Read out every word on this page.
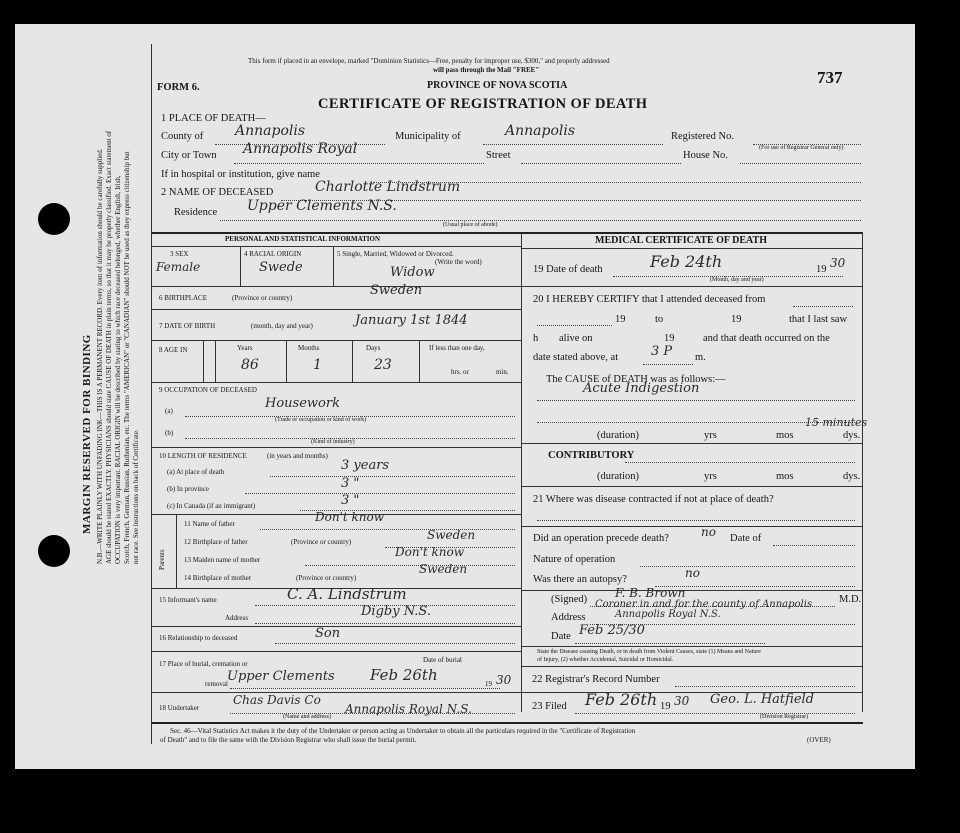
MARGIN RESERVED FOR BINDING N.B.—WRITE PLAINLY WITH UNFADING INK—THIS IS A PERMANENT RECORD. Every item of information should be carefully supplied. AGE should be stated EXACTLY. PHYSICIANS should state CAUSE OF DEATH in plain terms, so that it may be properly classified. Exact statement of OCCUPATION is very important. RACIAL ORIGIN will be described by stating to which race deceased belonged, whether English, Irish, Scotch, French, German, Russian, Ruthenian, etc. The terms "AMERICAN" or "CANADIAN" should NOT be used as they express citizenship but not race. See instructions on back of Certificate.
This form if placed in an envelope, marked "Dominion Statistics—Free, penalty for improper use, $300," and properly addressed
will pass through the Mail "FREE"
PROVINCE OF NOVA SCOTIA
FORM 6.
CERTIFICATE OF REGISTRATION OF DEATH
737
1 PLACE OF DEATH—
County of Annapolis	Municipality of	Annapolis	Registered No.
(For use of Registrar General only)
City or Town Annapolis Royal	Street	House No.
If in hospital or institution, give name
2 NAME OF DECEASED	Charlotte Lindstrum
Residence Upper Clements N.S.
(Usual place of abode)
PERSONAL AND STATISTICAL INFORMATION
3 SEX
Female
4 RACIAL ORIGIN
Swede
5 Single, Married, Widowed or Divorced.
(Write the word)
Widow
6 BIRTHPLACE	(Province or country)	Sweden
7 DATE OF BIRTH	(month, day and year)	January 1st 1844
8 AGE IN	Years	Months	Days
86	1	23
If less than one day,
hrs. or	min.
9 OCCUPATION OF DECEASED
(a)	Housework
(Trade or occupation or kind of work)
(b)
(Kind of industry)
10 LENGTH OF RESIDENCE	(in years and months)
(a) At place of death	3 years
(b) In province	3 "
(c) In Canada (if an immigrant)	3 "
Parents
11 Name of father	Don't know
12 Birthplace of father	(Province or country)	Sweden
13 Maiden name of mother
Don't know
14 Birthplace of mother	(Province or country)
Sweden
15 Informant's name	C. A. Lindstrum
Address	Digby N.S.
16 Relationship to deceased	Son
17 Place of burial, cremation or
removal Upper Clements
Date of burial
Feb 26th	19 30
18 Undertaker
Chas Davis Co
Annapolis Royal N.S.
(Name and address)
MEDICAL CERTIFICATE OF DEATH
19 Date of death	Feb 24th	19 30
(Month, day and year)
20 I HEREBY CERTIFY that I attended deceased from
19	to	19	that I last saw
h alive on	19	and that death occurred on the
date stated above, at	3 P m.
The CAUSE of DEATH was as follows:—
Acute Indigestion
(duration)	yrs	mos	dys.
15 minutes
CONTRIBUTORY
(duration)	yrs	mos	dys.
21 Where was disease contracted if not at place of death?
Did an operation precede death?	no Date of
Nature of operation
Was there an autopsy?	no
(Signed) F. B. Brown	M.D.
Coroner in and for the county of Annapolis
Address	Annapolis Royal N.S.
Date Feb 25/30
State the Disease causing Death, or in death from Violent Causes, state (1) Means and Nature
of Injury, (2) whether Accidental, Suicidal or Homicidal.
22 Registrar's Record Number
23 Filed Feb 26th 19 30 Geo. L. Hatfield
(Division Registrar)
Sec. 46—Vital Statistics Act makes it the duty of the Undertaker or person acting as Undertaker to obtain all the particulars required in the "Certificate of Registration
of Death" and to file the same with the Division Registrar who shall issue the burial permit.	(OVER)
